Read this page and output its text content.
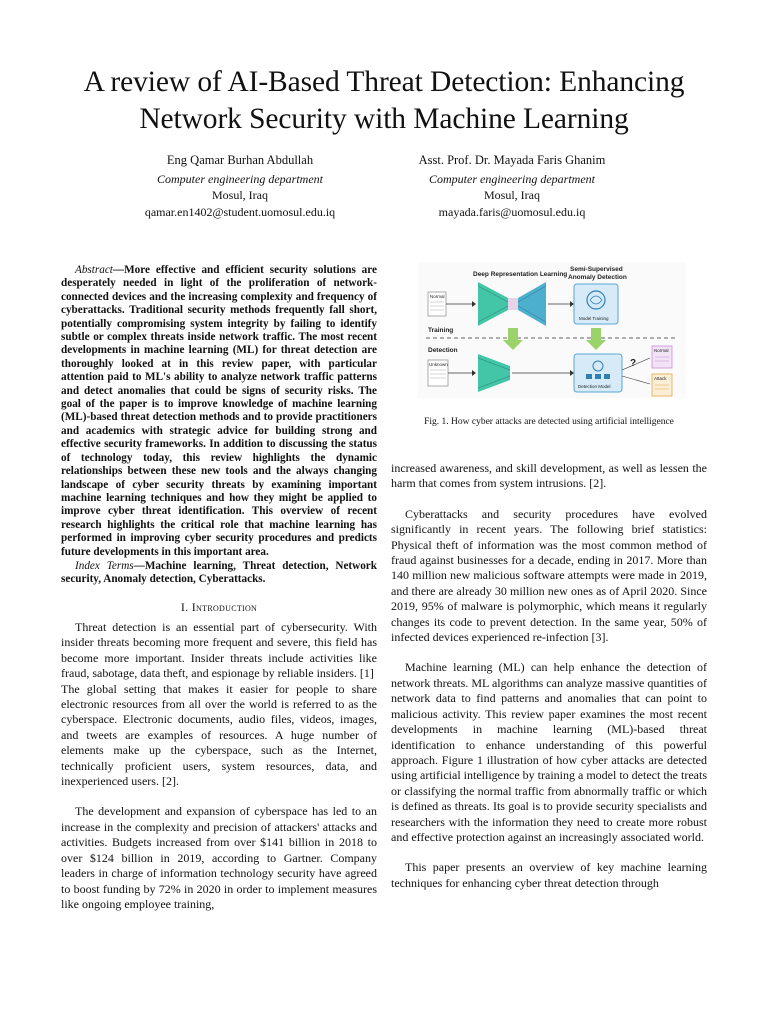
A review of AI-Based Threat Detection: Enhancing
Network Security with Machine Learning
Eng Qamar Burhan Abdullah
Computer engineering department
Mosul, Iraq
qamar.en1402@student.uomosul.edu.iq
Asst. Prof. Dr. Mayada Faris Ghanim
Computer engineering department
Mosul, Iraq
mayada.faris@uomosul.edu.iq

Abstract—More effective and efficient security solutions are desperately needed in light of the proliferation of network-connected devices and the increasing complexity and frequency of cyberattacks. Traditional security methods frequently fall short, potentially compromising system integrity by failing to identify subtle or complex threats inside network traffic. The most recent developments in machine learning (ML) for threat detection are thoroughly looked at in this review paper, with particular attention paid to ML's ability to analyze network traffic patterns and detect anomalies that could be signs of security risks. The goal of the paper is to improve knowledge of machine learning (ML)-based threat detection methods and to provide practitioners and academics with strategic advice for building strong and effective security frameworks. In addition to discussing the status of technology today, this review highlights the dynamic relationships between these new tools and the always changing landscape of cyber security threats by examining important machine learning techniques and how they might be applied to improve cyber threat identification. This overview of recent research highlights the critical role that machine learning has performed in improving cyber security procedures and predicts future developments in this important area.

Index Terms—Machine learning, Threat detection, Network security, Anomaly detection, Cyberattacks.

I. Introduction

Threat detection is an essential part of cybersecurity. With insider threats becoming more frequent and severe, this field has become more important. Insider threats include activities like fraud, sabotage, data theft, and espionage by reliable insiders. [1]

The global setting that makes it easier for people to share electronic resources from all over the world is referred to as the cyberspace. Electronic documents, audio files, videos, images, and tweets are examples of resources. A huge number of elements make up the cyberspace, such as the Internet, technically proficient users, system resources, data, and inexperienced users. [2].

The development and expansion of cyberspace has led to an increase in the complexity and precision of attackers' attacks and activities. Budgets increased from over $141 billion in 2018 to over $124 billion in 2019, according to Gartner. Company leaders in charge of information technology security have agreed to boost funding by 72% in 2020 in order to implement measures like ongoing employee training,

Deep Representation Learning
Semi-Supervised
Anomaly Detection
Normal
Model Training
Training
Detection
Unknown
Detection Model
?
Normal
Attack
Fig. 1. How cyber attacks are detected using artificial intelligence

increased awareness, and skill development, as well as lessen the harm that comes from system intrusions. [2].

Cyberattacks and security procedures have evolved significantly in recent years. The following brief statistics: Physical theft of information was the most common method of fraud against businesses for a decade, ending in 2017. More than 140 million new malicious software attempts were made in 2019, and there are already 30 million new ones as of April 2020. Since 2019, 95% of malware is polymorphic, which means it regularly changes its code to prevent detection. In the same year, 50% of infected devices experienced re-infection [3].

Machine learning (ML) can help enhance the detection of network threats. ML algorithms can analyze massive quantities of network data to find patterns and anomalies that can point to malicious activity. This review paper examines the most recent developments in machine learning (ML)-based threat identification to enhance understanding of this powerful approach. Figure 1 illustration of how cyber attacks are detected using artificial intelligence by training a model to detect the treats or classifying the normal traffic from abnormally traffic or which is defined as threats. Its goal is to provide security specialists and researchers with the information they need to create more robust and effective protection against an increasingly associated world.

This paper presents an overview of key machine learning techniques for enhancing cyber threat detection through
